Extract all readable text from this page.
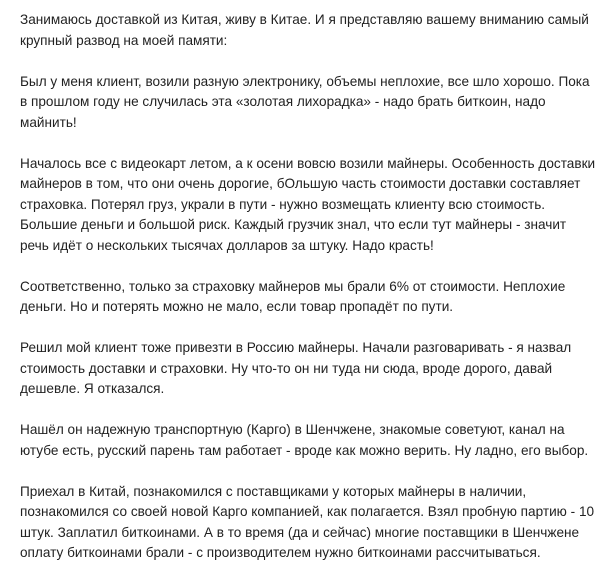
Занимаюсь доставкой из Китая, живу в Китае. И я представляю вашему вниманию самый
крупный развод на моей памяти:

Был у меня клиент, возили разную электронику, объемы неплохие, все шло хорошо. Пока
в прошлом году не случилась эта «золотая лихорадка» - надо брать биткоин, надо
майнить!

Началось все с видеокарт летом, а к осени вовсю возили майнеры. Особенность доставки
майнеров в том, что они очень дорогие, бОльшую часть стоимости доставки составляет
страховка. Потерял груз, украли в пути - нужно возмещать клиенту всю стоимость.
Большие деньги и большой риск. Каждый грузчик знал, что если тут майнеры - значит
речь идёт о нескольких тысячах долларов за штуку. Надо красть!

Соответственно, только за страховку майнеров мы брали 6% от стоимости. Неплохие
деньги. Но и потерять можно не мало, если товар пропадёт по пути.

Решил мой клиент тоже привезти в Россию майнеры. Начали разговаривать - я назвал
стоимость доставки и страховки. Ну что-то он ни туда ни сюда, вроде дорого, давай
дешевле. Я отказался.

Нашёл он надежную транспортную (Карго) в Шенчжене, знакомые советуют, канал на
ютубе есть, русский парень там работает - вроде как можно верить. Ну ладно, его выбор.

Приехал в Китай, познакомился с поставщиками у которых майнеры в наличии,
познакомился со своей новой Карго компанией, как полагается. Взял пробную партию - 10
штук. Заплатил биткоинами. А в то время (да и сейчас) многие поставщики в Шенчжене
оплату биткоинами брали - с производителем нужно биткоинами рассчитываться.
